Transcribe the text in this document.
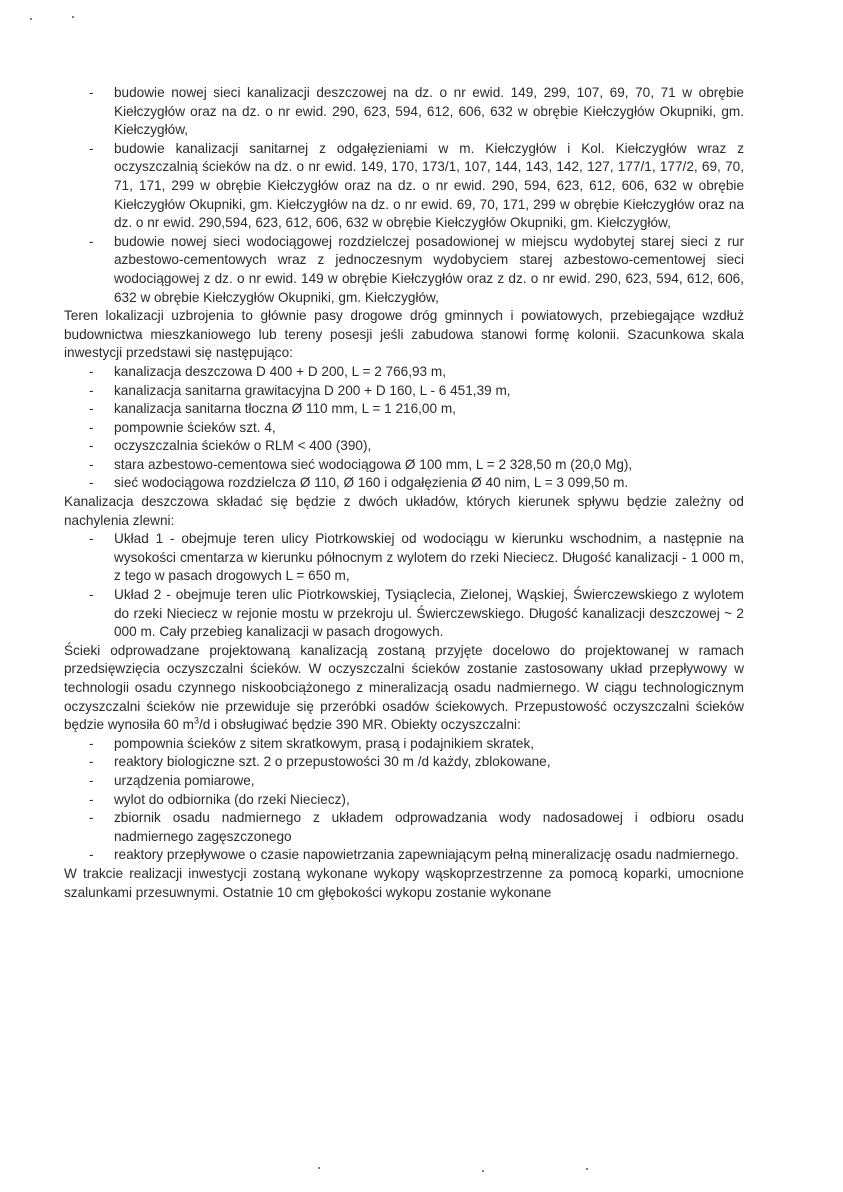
- budowie nowej sieci kanalizacji deszczowej na dz. o nr ewid. 149, 299, 107, 69, 70, 71 w obrębie Kiełczygłów oraz na dz. o nr ewid. 290, 623, 594, 612, 606, 632 w obrębie Kiełczygłów Okupniki, gm. Kiełczygłów,
- budowie kanalizacji sanitarnej z odgałęzieniami w m. Kiełczygłów i Kol. Kiełczygłów wraz z oczyszczalnią ścieków na dz. o nr ewid. 149, 170, 173/1, 107, 144, 143, 142, 127, 177/1, 177/2, 69, 70, 71, 171, 299 w obrębie Kiełczygłów oraz na dz. o nr ewid. 290, 594, 623, 612, 606, 632 w obrębie Kiełczygłów Okupniki, gm. Kiełczygłów na dz. o nr ewid. 69, 70, 171, 299 w obrębie Kiełczygłów oraz na dz. o nr ewid. 290,594, 623, 612, 606, 632 w obrębie Kiełczygłów Okupniki, gm. Kiełczygłów,
- budowie nowej sieci wodociągowej rozdzielczej posadowionej w miejscu wydobytej starej sieci z rur azbestowo-cementowych wraz z jednoczesnym wydobyciem starej azbestowo-cementowej sieci wodociągowej z dz. o nr ewid. 149 w obrębie Kiełczygłów oraz z dz. o nr ewid. 290, 623, 594, 612, 606, 632 w obrębie Kiełczygłów Okupniki, gm. Kiełczygłów,

Teren lokalizacji uzbrojenia to głównie pasy drogowe dróg gminnych i powiatowych, przebiegające wzdłuż budownictwa mieszkaniowego lub tereny posesji jeśli zabudowa stanowi formę kolonii. Szacunkowa skala inwestycji przedstawi się następująco:

- kanalizacja deszczowa D 400 + D 200, L = 2 766,93 m,
- kanalizacja sanitarna grawitacyjna D 200 + D 160, L - 6 451,39 m,
- kanalizacja sanitarna tłoczna Ø 110 mm, L = 1 216,00 m,
- pompownie ścieków szt. 4,
- oczyszczalnia ścieków o RLM < 400 (390),
- stara azbestowo-cementowa sieć wodociągowa Ø 100 mm, L = 2 328,50 m (20,0 Mg),
- sieć wodociągowa rozdzielcza Ø 110, Ø 160 i odgałęzienia Ø 40 nim, L = 3 099,50 m.

Kanalizacja deszczowa składać się będzie z dwóch układów, których kierunek spływu będzie zależny od nachylenia zlewni:

- Układ 1 - obejmuje teren ulicy Piotrkowskiej od wodociągu w kierunku wschodnim, a następnie na wysokości cmentarza w kierunku północnym z wylotem do rzeki Nieciecz. Długość kanalizacji - 1 000 m, z tego w pasach drogowych L = 650 m,
- Układ 2 - obejmuje teren ulic Piotrkowskiej, Tysiąclecia, Zielonej, Wąskiej, Świerczewskiego z wylotem do rzeki Nieciecz w rejonie mostu w przekroju ul. Świerczewskiego. Długość kanalizacji deszczowej ~ 2 000 m. Cały przebieg kanalizacji w pasach drogowych.

Ścieki odprowadzane projektowaną kanalizacją zostaną przyjęte docelowo do projektowanej w ramach przedsięwzięcia oczyszczalni ścieków. W oczyszczalni ścieków zostanie zastosowany układ przepływowy w technologii osadu czynnego niskoobciążonego z mineralizacją osadu nadmiernego. W ciągu technologicznym oczyszczalni ścieków nie przewiduje się przeróbki osadów ściekowych. Przepustowość oczyszczalni ścieków będzie wynosiła 60 $m^3/d$ i obsługiwać będzie 390 MR. Obiekty oczyszczalni:

- pompownia ścieków z sitem skratkowym, prasą i podajnikiem skratek,
- reaktory biologiczne szt. 2 o przepustowości 30 m /d każdy, zblokowane,
- urządzenia pomiarowe,
- wylot do odbiornika (do rzeki Nieciecz),
- zbiornik osadu nadmiernego z układem odprowadzania wody nadosadowej i odbioru osadu nadmiernego zagęszczonego
- reaktory przepływowe o czasie napowietrzania zapewniającym pełną mineralizację osadu nadmiernego.

W trakcie realizacji inwestycji zostaną wykonane wykopy wąskoprzestrzenne za pomocą koparki, umocnione szalunkami przesuwnymi. Ostatnie 10 cm głębokości wykopu zostanie wykonane
